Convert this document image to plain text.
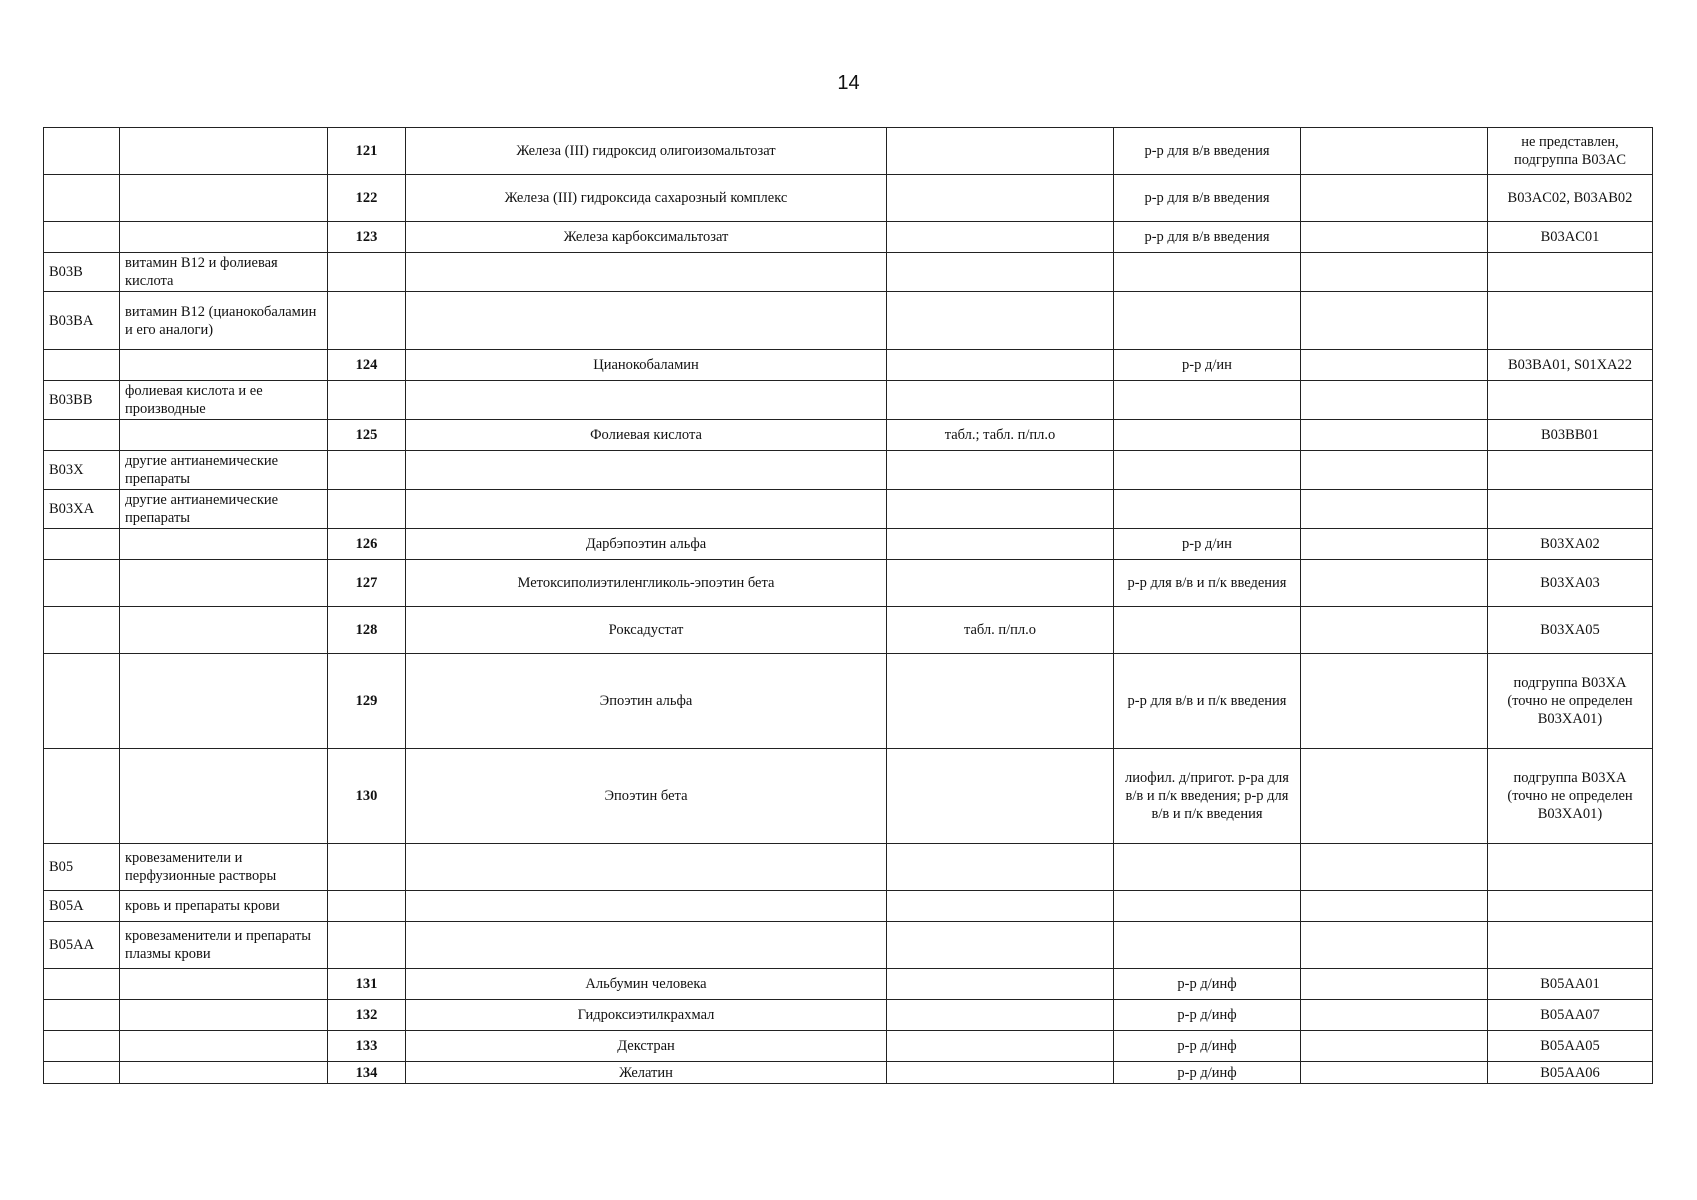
14
		121	Железа (III) гидроксид олигоизомальтозат		р-р для в/в введения		не представлен, подгруппа B03AC
		122	Железа (III) гидроксида сахарозный комплекс		р-р для в/в введения		B03AC02, B03AB02
		123	Железа карбоксимальтозат		р-р для в/в введения		B03AC01
B03B	витамин B12 и фолиевая кислота						
B03BA	витамин B12 (цианокобаламин и его аналоги)						
		124	Цианокобаламин		р-р д/ин		B03BA01, S01XA22
B03BB	фолиевая кислота и ее производные						
		125	Фолиевая кислота	табл.; табл. п/пл.о			B03BB01
B03X	другие антианемические препараты						
B03XA	другие антианемические препараты						
		126	Дарбэпоэтин альфа		р-р д/ин		B03XA02
		127	Метоксиполиэтиленгликоль-эпоэтин бета		р-р для в/в и п/к введения		B03XA03
		128	Роксадустат	табл. п/пл.о			B03XA05
		129	Эпоэтин альфа		р-р для в/в и п/к введения		подгруппа B03XA (точно не определен B03XA01)
		130	Эпоэтин бета		лиофил. д/пригот. р-ра для в/в и п/к введения; р-р для в/в и п/к введения		подгруппа B03XA (точно не определен B03XA01)
B05	кровезаменители и перфузионные растворы						
B05A	кровь и препараты крови						
B05AA	кровезаменители и препараты плазмы крови						
		131	Альбумин человека		р-р д/инф		B05AA01
		132	Гидроксиэтилкрахмал		р-р д/инф		B05AA07
		133	Декстран		р-р д/инф		B05AA05
		134	Желатин		р-р д/инф		B05AA06
